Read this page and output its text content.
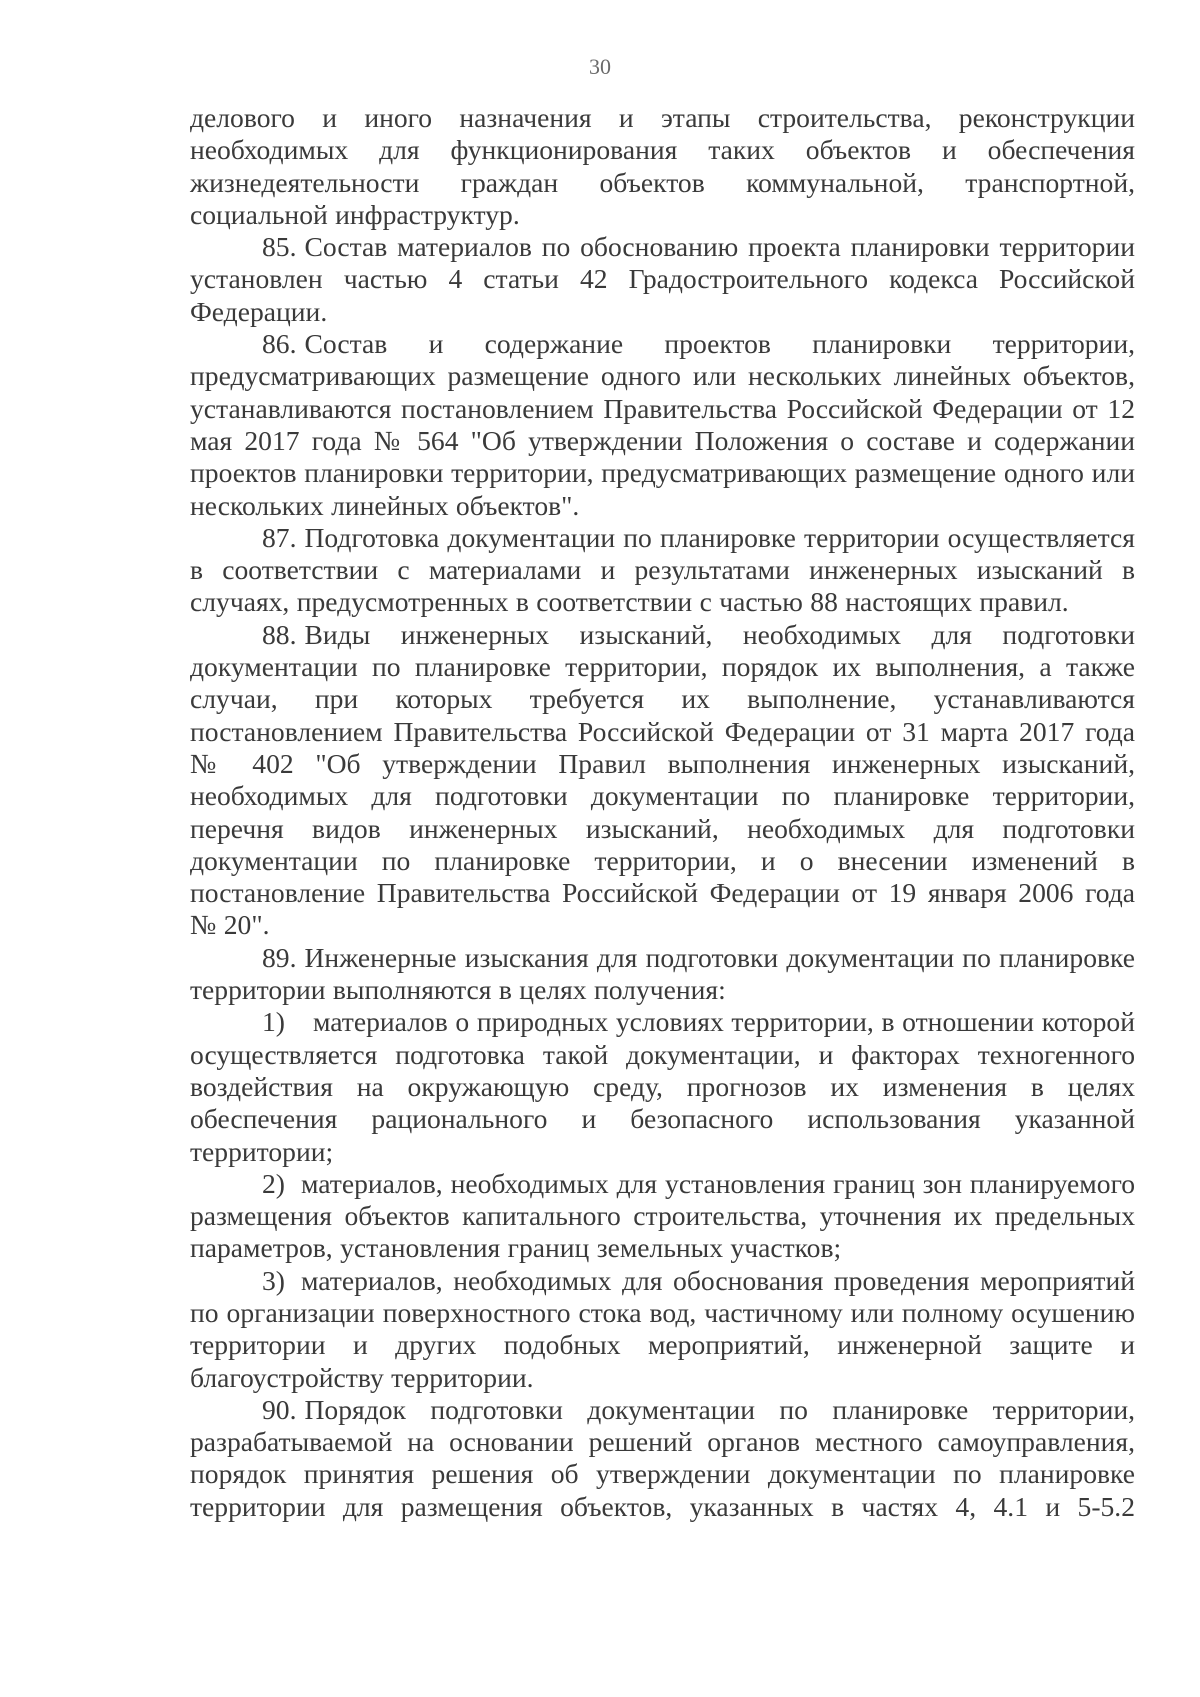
30

делового и иного назначения и этапы строительства, реконструкции необходимых для функционирования таких объектов и обеспечения жизнедеятельности граждан объектов коммунальной, транспортной, социальной инфраструктур.

85. Состав материалов по обоснованию проекта планировки территории установлен частью 4 статьи 42 Градостроительного кодекса Российской Федерации.

86. Состав и содержание проектов планировки территории, предусматривающих размещение одного или нескольких линейных объектов, устанавливаются постановлением Правительства Российской Федерации от 12 мая 2017 года № 564 "Об утверждении Положения о составе и содержании проектов планировки территории, предусматривающих размещение одного или нескольких линейных объектов".

87. Подготовка документации по планировке территории осуществляется в соответствии с материалами и результатами инженерных изысканий в случаях, предусмотренных в соответствии с частью 88 настоящих правил.

88. Виды инженерных изысканий, необходимых для подготовки документации по планировке территории, порядок их выполнения, а также случаи, при которых требуется их выполнение, устанавливаются постановлением Правительства Российской Федерации от 31 марта 2017 года № 402 "Об утверждении Правил выполнения инженерных изысканий, необходимых для подготовки документации по планировке территории, перечня видов инженерных изысканий, необходимых для подготовки документации по планировке территории, и о внесении изменений в постановление Правительства Российской Федерации от 19 января 2006 года № 20".

89. Инженерные изыскания для подготовки документации по планировке территории выполняются в целях получения:

1) материалов о природных условиях территории, в отношении которой осуществляется подготовка такой документации, и факторах техногенного воздействия на окружающую среду, прогнозов их изменения в целях обеспечения рационального и безопасного использования указанной территории;

2) материалов, необходимых для установления границ зон планируемого размещения объектов капитального строительства, уточнения их предельных параметров, установления границ земельных участков;

3) материалов, необходимых для обоснования проведения мероприятий по организации поверхностного стока вод, частичному или полному осушению территории и других подобных мероприятий, инженерной защите и благоустройству территории.

90. Порядок подготовки документации по планировке территории, разрабатываемой на основании решений органов местного самоуправления, порядок принятия решения об утверждении документации по планировке территории для размещения объектов, указанных в частях 4, 4.1 и 5-5.2
